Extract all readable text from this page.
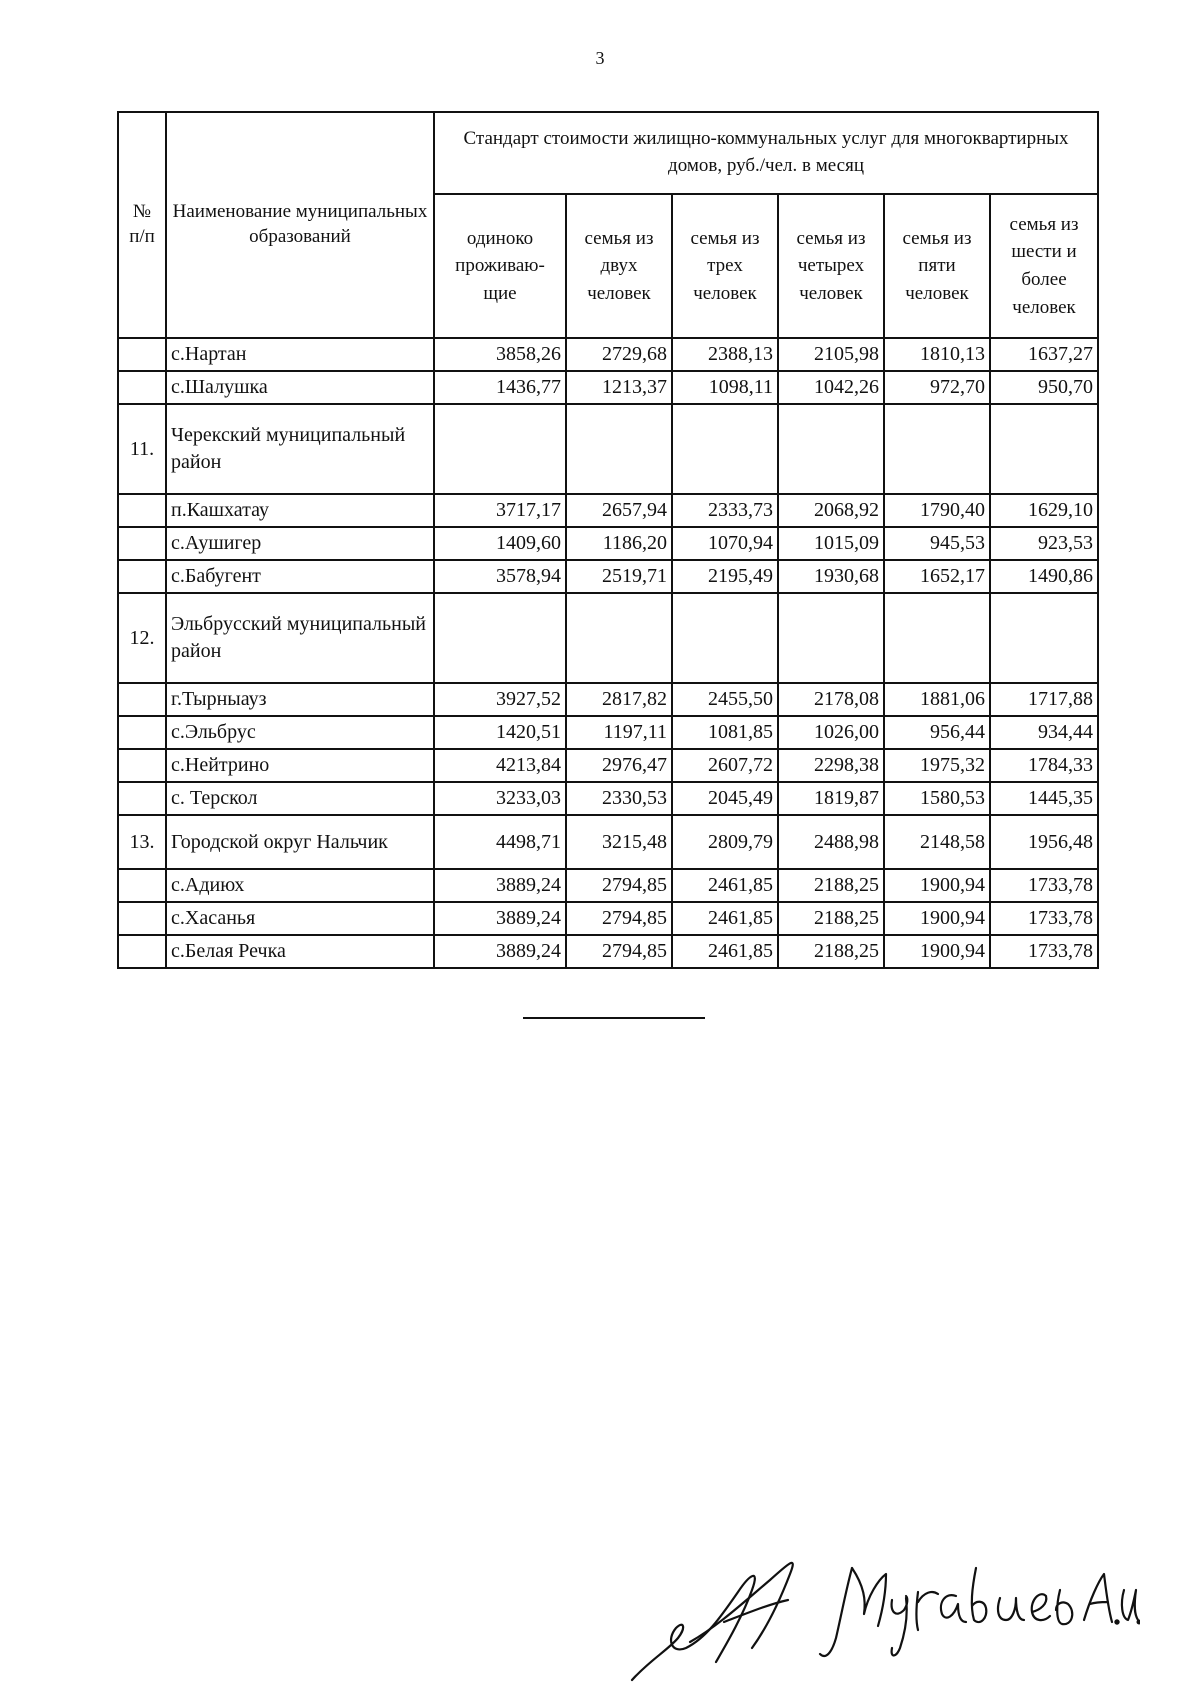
3
№ п/п	Наименование муниципальных образований	Стандарт стоимости жилищно-коммунальных услуг для многоквартирных домов, руб./чел. в месяц					
		одиноко проживаю-щие	семья из двух человек	семья из трех человек	семья из четырех человек	семья из пяти человек	семья из шести и более человек
	с.Нартан	3858,26	2729,68	2388,13	2105,98	1810,13	1637,27
	с.Шалушка	1436,77	1213,37	1098,11	1042,26	972,70	950,70
11.	Черекский муниципальный район						
	п.Кашхатау	3717,17	2657,94	2333,73	2068,92	1790,40	1629,10
	с.Аушигер	1409,60	1186,20	1070,94	1015,09	945,53	923,53
	с.Бабугент	3578,94	2519,71	2195,49	1930,68	1652,17	1490,86
12.	Эльбрусский муниципальный район						
	г.Тырныауз	3927,52	2817,82	2455,50	2178,08	1881,06	1717,88
	с.Эльбрус	1420,51	1197,11	1081,85	1026,00	956,44	934,44
	с.Нейтрино	4213,84	2976,47	2607,72	2298,38	1975,32	1784,33
	с. Терскол	3233,03	2330,53	2045,49	1819,87	1580,53	1445,35
13.	Городской округ Нальчик	4498,71	3215,48	2809,79	2488,98	2148,58	1956,48
	с.Адиюх	3889,24	2794,85	2461,85	2188,25	1900,94	1733,78
	с.Хасанья	3889,24	2794,85	2461,85	2188,25	1900,94	1733,78
	с.Белая Речка	3889,24	2794,85	2461,85	2188,25	1900,94	1733,78
